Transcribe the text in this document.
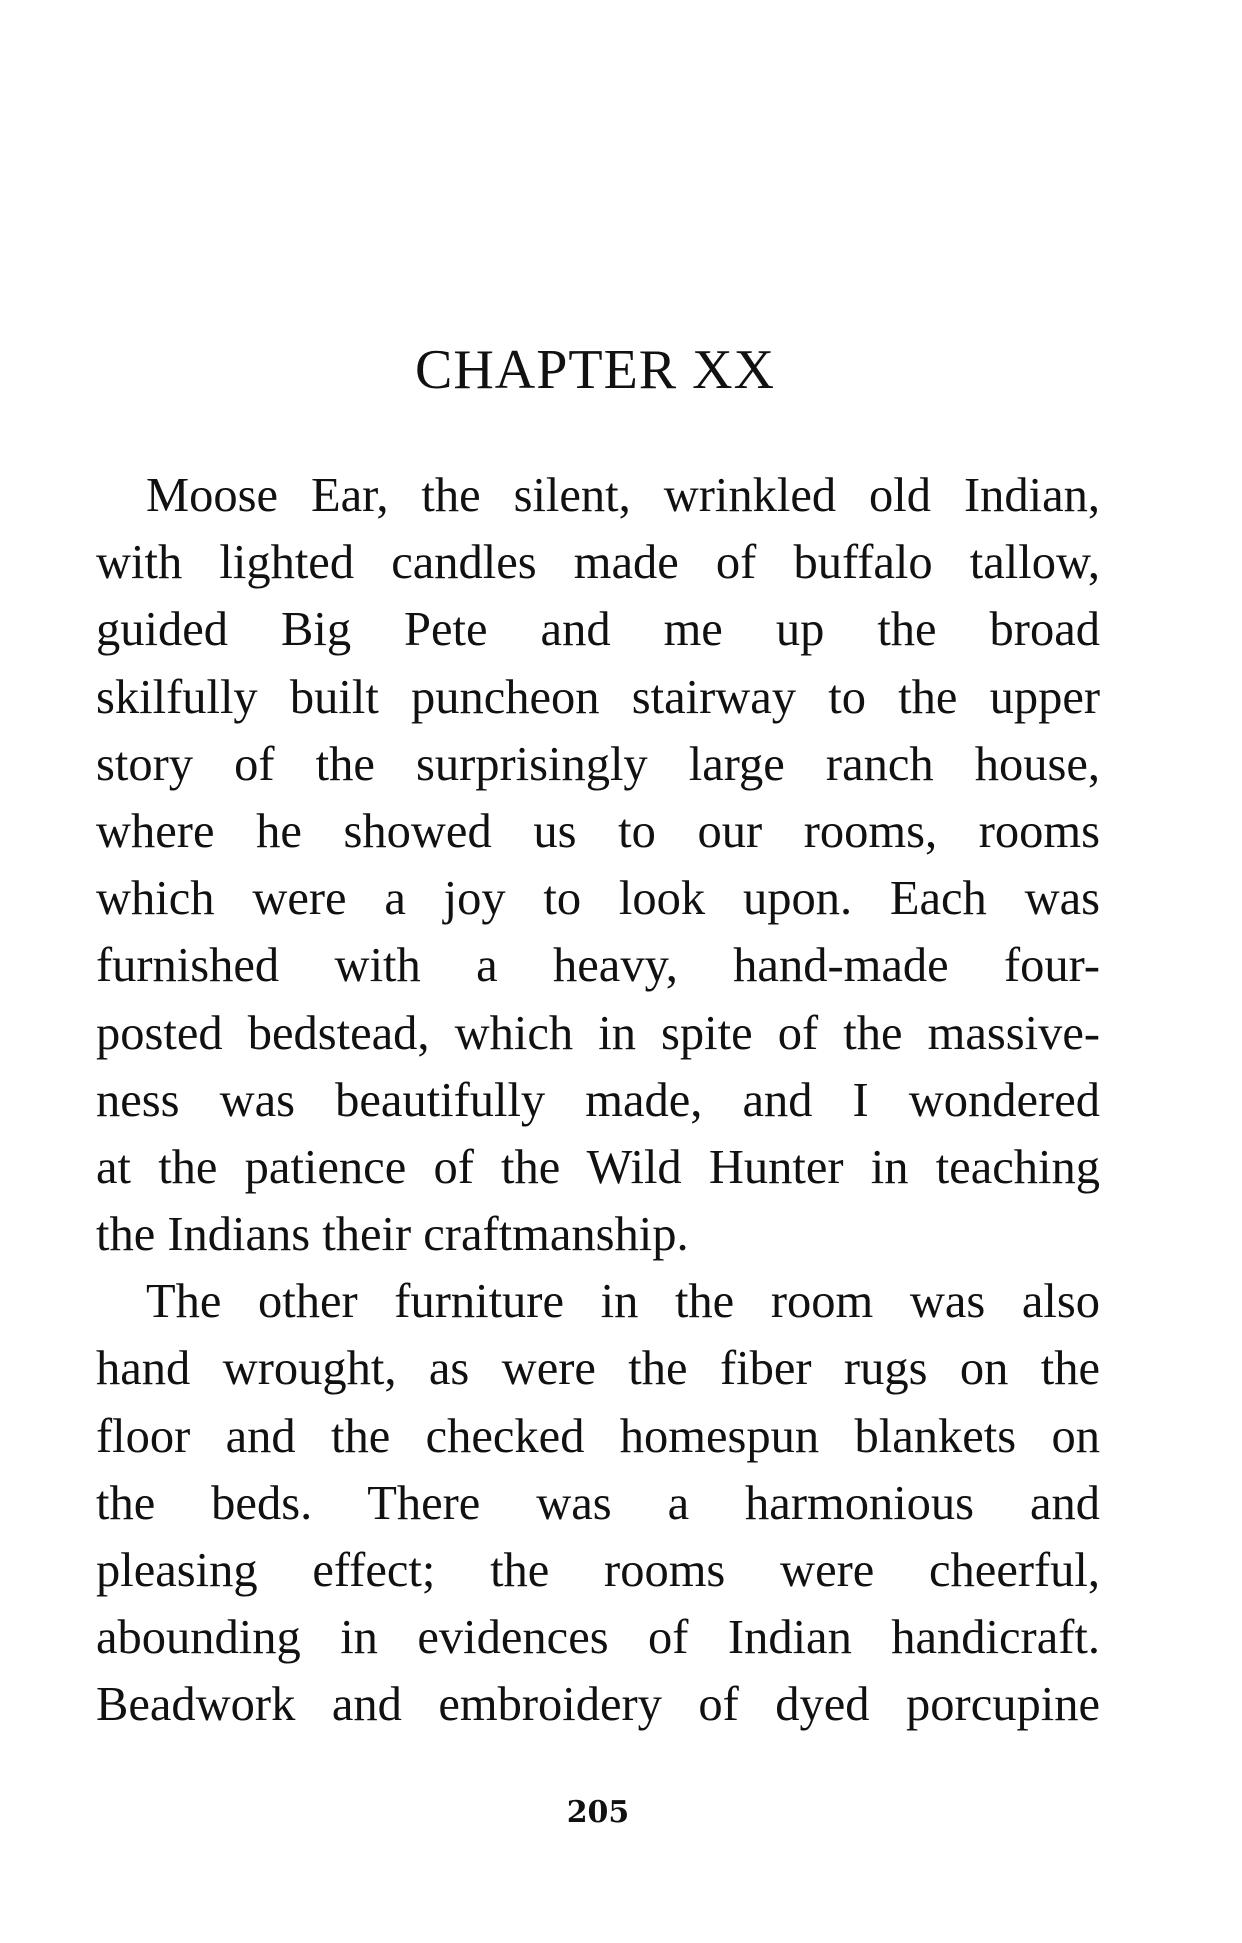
CHAPTER XX
Moose Ear, the silent, wrinkled old Indian,
with lighted candles made of buffalo tallow,
guided Big Pete and me up the broad
skilfully built puncheon stairway to the upper
story of the surprisingly large ranch house,
where he showed us to our rooms, rooms
which were a joy to look upon. Each was
furnished with a heavy, hand-made four-
posted bedstead, which in spite of the massive-
ness was beautifully made, and I wondered
at the patience of the Wild Hunter in teaching
the Indians their craftmanship.
The other furniture in the room was also
hand wrought, as were the fiber rugs on the
floor and the checked homespun blankets on
the beds. There was a harmonious and
pleasing effect; the rooms were cheerful,
abounding in evidences of Indian handicraft.
Beadwork and embroidery of dyed porcupine
205
